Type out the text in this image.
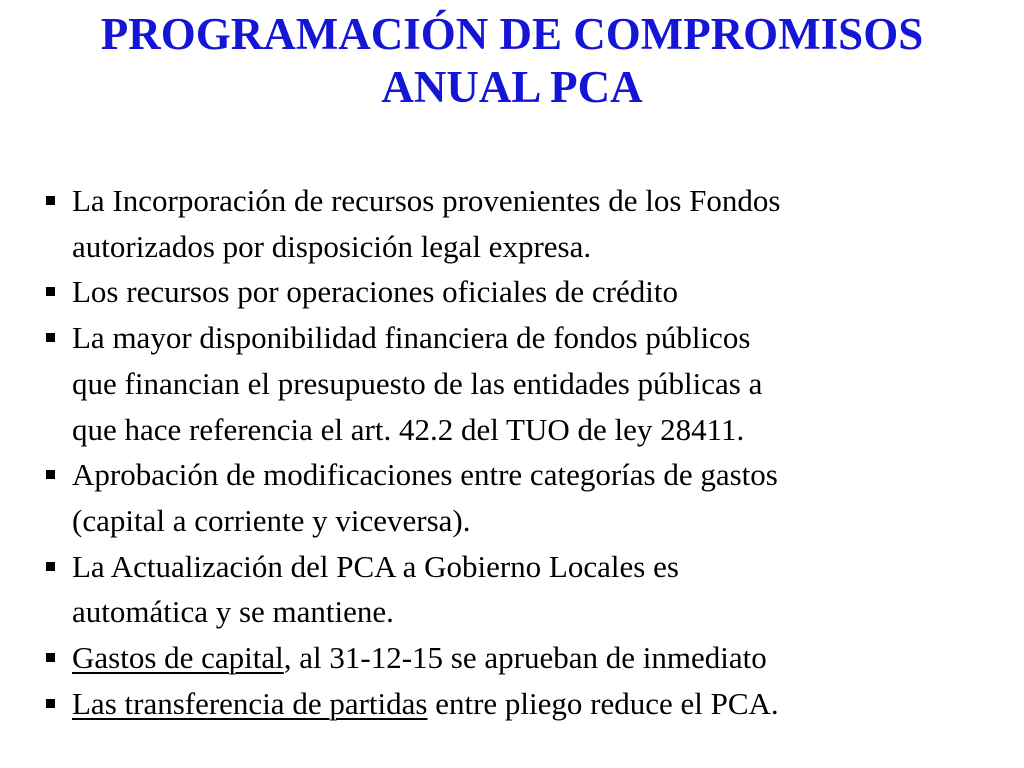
PROGRAMACIÓN DE COMPROMISOS
ANUAL PCA
La Incorporación de recursos provenientes de los Fondos
autorizados por disposición legal expresa.
Los recursos por operaciones oficiales de crédito
La mayor disponibilidad financiera de fondos públicos
que financian el presupuesto de las entidades públicas a
que hace referencia el art. 42.2 del TUO de ley 28411.
Aprobación de modificaciones entre categorías de gastos
(capital a corriente y viceversa).
La Actualización del PCA a Gobierno Locales es
automática y se mantiene.
Gastos de capital, al 31-12-15 se aprueban de inmediato
Las transferencia de partidas entre pliego reduce el PCA.
